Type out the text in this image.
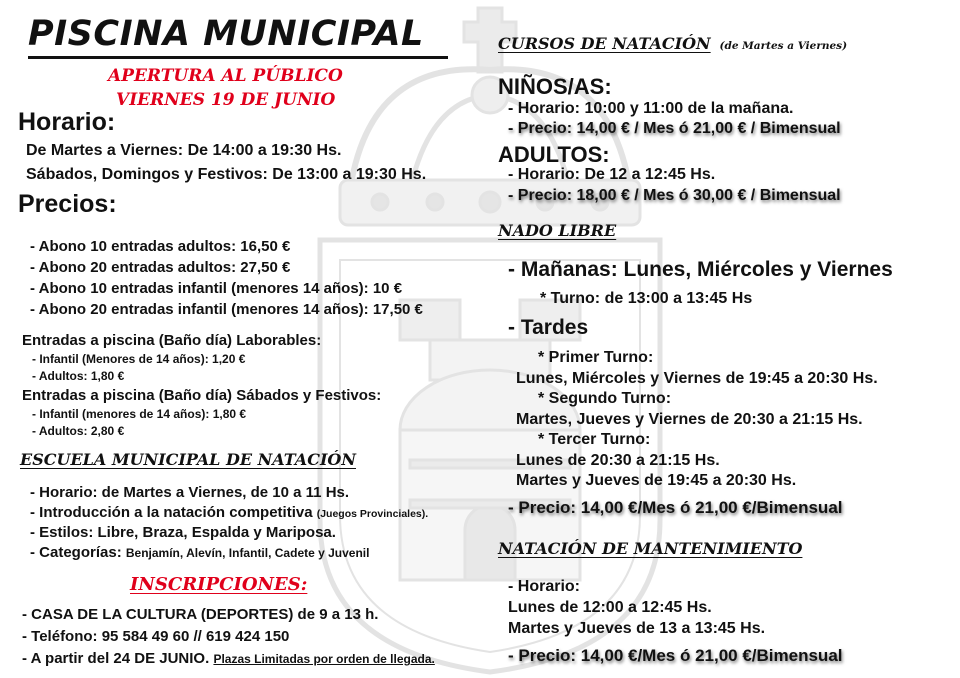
PISCINA MUNICIPAL
APERTURA AL PÚBLICO
VIERNES 19 DE JUNIO
Horario:
De Martes a Viernes: De 14:00 a 19:30 Hs.
Sábados, Domingos y Festivos: De 13:00 a 19:30 Hs.
Precios:
- Abono 10 entradas adultos: 16,50 €
- Abono 20 entradas adultos: 27,50 €
- Abono 10 entradas infantil (menores 14 años): 10 €
- Abono 20 entradas infantil (menores 14 años): 17,50 €
Entradas a piscina (Baño día) Laborables:
- Infantil (Menores de 14 años): 1,20 €
- Adultos: 1,80 €
Entradas a piscina (Baño día) Sábados y Festivos:
- Infantil (menores de 14 años): 1,80 €
- Adultos: 2,80 €
ESCUELA MUNICIPAL DE NATACIÓN
- Horario: de Martes a Viernes, de 10 a 11 Hs.
- Introducción a la natación competitiva (Juegos Provinciales).
- Estilos: Libre, Braza, Espalda y Mariposa.
- Categorías: Benjamín, Alevín, Infantil, Cadete y Juvenil
INSCRIPCIONES:
- CASA DE LA CULTURA (DEPORTES) de 9 a 13 h.
- Teléfono: 95 584 49 60 // 619 424 150
- A partir del 24 DE JUNIO. Plazas Limitadas por orden de llegada.
CURSOS DE NATACIÓN (de Martes a Viernes)
NIÑOS/AS:
- Horario: 10:00 y 11:00 de la mañana.
- Precio: 14,00 € / Mes ó 21,00 € / Bimensual
ADULTOS:
- Horario: De 12 a 12:45 Hs.
- Precio: 18,00 € / Mes ó 30,00 € / Bimensual
NADO LIBRE
- Mañanas: Lunes, Miércoles y Viernes
* Turno: de 13:00 a 13:45 Hs
- Tardes
* Primer Turno:
Lunes, Miércoles y Viernes de 19:45 a 20:30 Hs.
* Segundo Turno:
Martes, Jueves y Viernes de 20:30 a 21:15 Hs.
* Tercer Turno:
Lunes de 20:30 a 21:15 Hs.
Martes y Jueves de 19:45 a 20:30 Hs.
- Precio: 14,00 €/Mes ó 21,00 €/Bimensual
NATACIÓN DE MANTENIMIENTO
- Horario:
Lunes de 12:00 a 12:45 Hs.
Martes y Jueves de 13 a 13:45 Hs.
- Precio: 14,00 €/Mes ó 21,00 €/Bimensual
